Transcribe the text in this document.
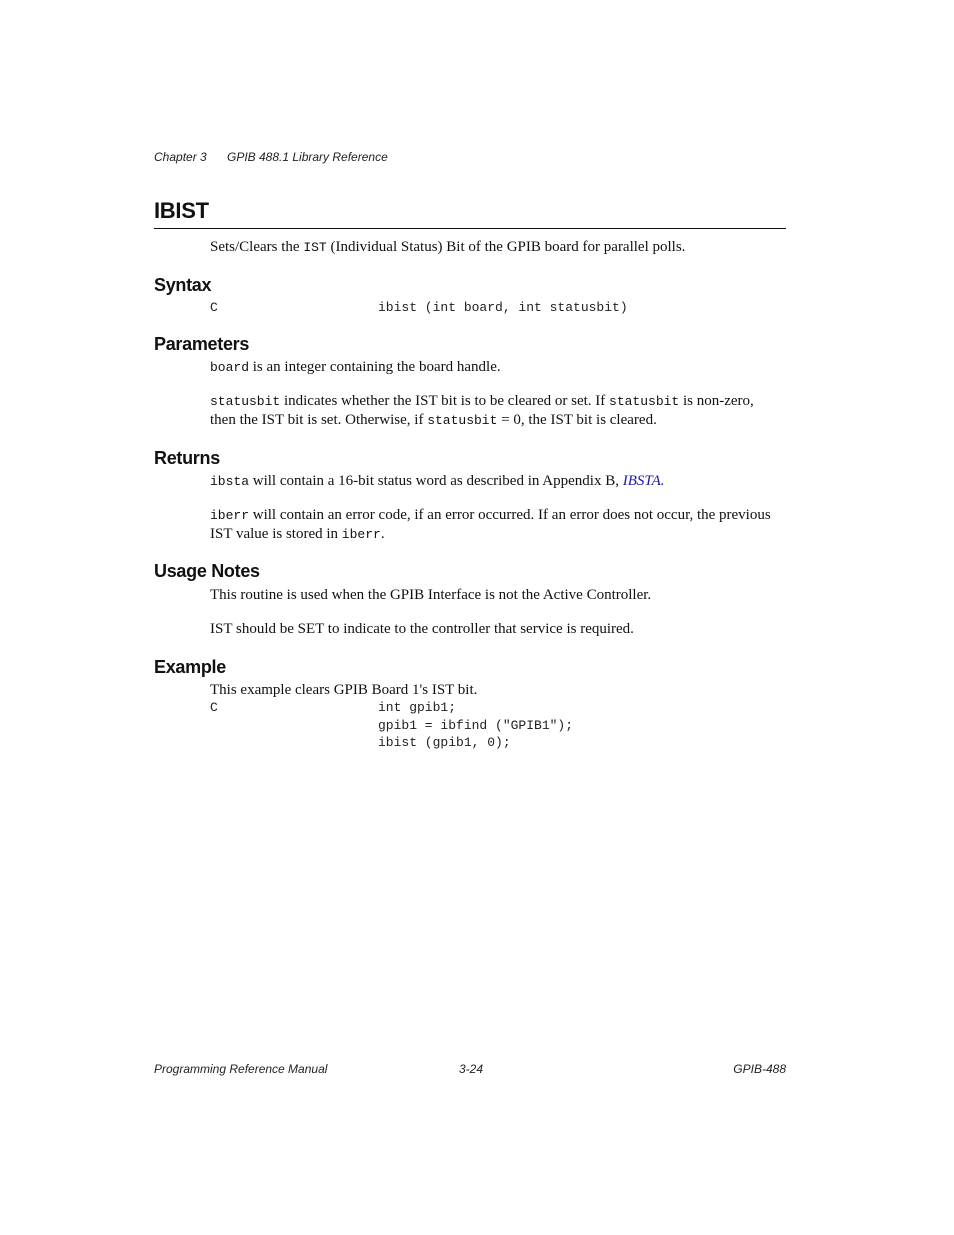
Chapter 3 GPIB 488.1 Library Reference
IBIST
Sets/Clears the IST (Individual Status) Bit of the GPIB board for parallel polls.
Syntax
C	ibist (int board, int statusbit)
Parameters
board is an integer containing the board handle.
statusbit indicates whether the IST bit is to be cleared or set. If statusbit is non-zero,
then the IST bit is set. Otherwise, if statusbit = 0, the IST bit is cleared.
Returns
ibsta will contain a 16-bit status word as described in Appendix B, IBSTA.
iberr will contain an error code, if an error occurred. If an error does not occur, the previous
IST value is stored in iberr.
Usage Notes
This routine is used when the GPIB Interface is not the Active Controller.
IST should be SET to indicate to the controller that service is required.
Example
This example clears GPIB Board 1's IST bit.
C	int gpib1;
gpib1 = ibfind ("GPIB1");
ibist (gpib1, 0);
Programming Reference Manual	3-24	GPIB-488
